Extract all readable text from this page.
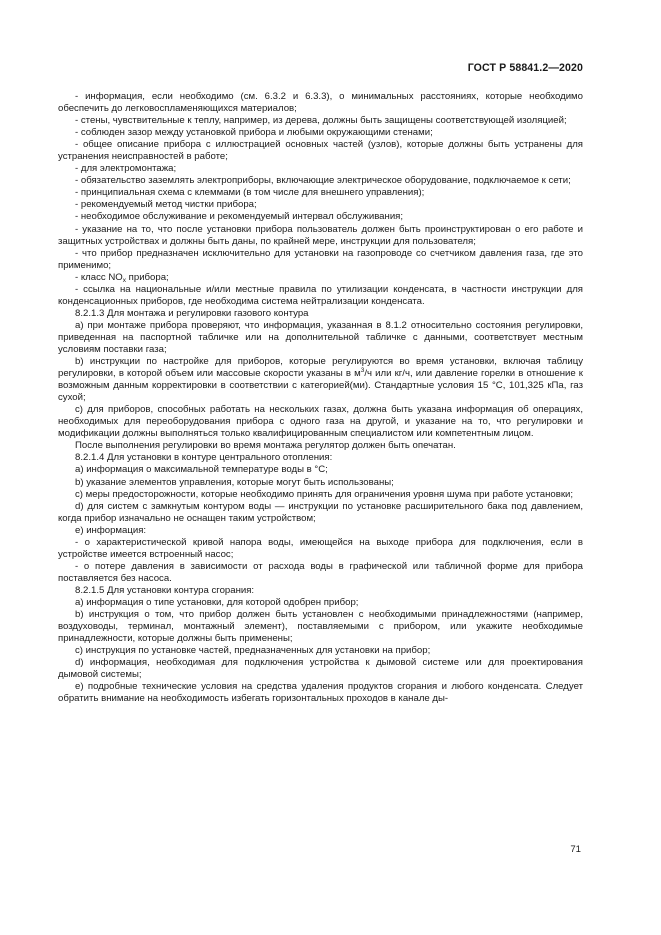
ГОСТ Р 58841.2—2020

- информация, если необходимо (см. 6.3.2 и 6.3.3), о минимальных расстояниях, которые необходимо обеспечить до легковоспламеняющихся материалов;

- стены, чувствительные к теплу, например, из дерева, должны быть защищены соответствующей изоляцией;

- соблюден зазор между установкой прибора и любыми окружающими стенами;

- общее описание прибора с иллюстрацией основных частей (узлов), которые должны быть устранены для устранения неисправностей в работе;

- для электромонтажа;

- обязательство заземлять электроприборы, включающие электрическое оборудование, подключаемое к сети;

- принципиальная схема с клеммами (в том числе для внешнего управления);

- рекомендуемый метод чистки прибора;

- необходимое обслуживание и рекомендуемый интервал обслуживания;

- указание на то, что после установки прибора пользователь должен быть проинструктирован о его работе и защитных устройствах и должны быть даны, по крайней мере, инструкции для пользователя;

- что прибор предназначен исключительно для установки на газопроводе со счетчиком давления газа, где это применимо;

- класс $NO_x$ прибора;

- ссылка на национальные и/или местные правила по утилизации конденсата, в частности инструкции для конденсационных приборов, где необходима система нейтрализации конденсата.

8.2.1.3 Для монтажа и регулировки газового контура

a) при монтаже прибора проверяют, что информация, указанная в 8.1.2 относительно состояния регулировки, приведенная на паспортной табличке или на дополнительной табличке с данными, соответствует местным условиям поставки газа;

b) инструкции по настройке для приборов, которые регулируются во время установки, включая таблицу регулировки, в которой объем или массовые скорости указаны в $м^3/ч$ или кг/ч, или давление горелки в отношение к возможным данным корректировки в соответствии с категорией(ми). Стандартные условия 15 °С, 101,325 кПа, газ сухой;

c) для приборов, способных работать на нескольких газах, должна быть указана информация об операциях, необходимых для переоборудования прибора с одного газа на другой, и указание на то, что регулировки и модификации должны выполняться только квалифицированным специалистом или компетентным лицом.

После выполнения регулировки во время монтажа регулятор должен быть опечатан.

8.2.1.4 Для установки в контуре центрального отопления:

a) информация о максимальной температуре воды в °С;

b) указание элементов управления, которые могут быть использованы;

c) меры предосторожности, которые необходимо принять для ограничения уровня шума при работе установки;

d) для систем с замкнутым контуром воды — инструкции по установке расширительного бака под давлением, когда прибор изначально не оснащен таким устройством;

e) информация:

- о характеристической кривой напора воды, имеющейся на выходе прибора для подключения, если в устройстве имеется встроенный насос;

- о потере давления в зависимости от расхода воды в графической или табличной форме для прибора поставляется без насоса.

8.2.1.5 Для установки контура сгорания:

a) информация о типе установки, для которой одобрен прибор;

b) инструкция о том, что прибор должен быть установлен с необходимыми принадлежностями (например, воздуховоды, терминал, монтажный элемент), поставляемыми с прибором, или укажите необходимые принадлежности, которые должны быть применены;

c) инструкция по установке частей, предназначенных для установки на прибор;

d) информация, необходимая для подключения устройства к дымовой системе или для проектирования дымовой системы;

e) подробные технические условия на средства удаления продуктов сгорания и любого конденсата. Следует обратить внимание на необходимость избегать горизонтальных проходов в канале ды-

71
